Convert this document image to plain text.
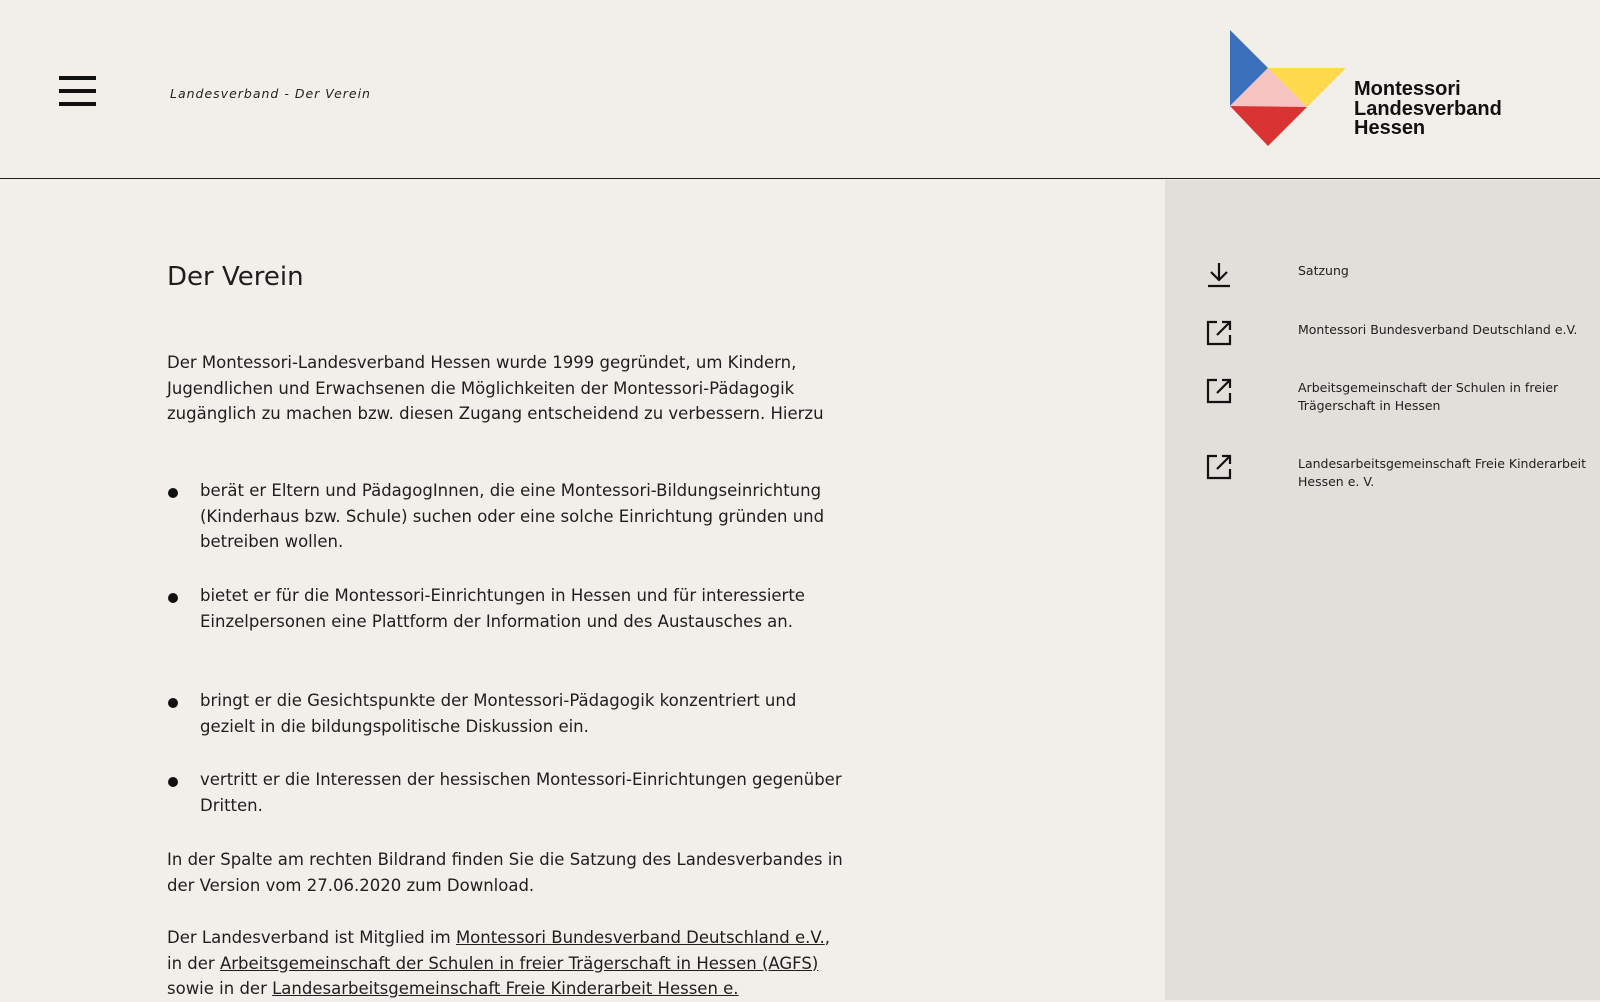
Landesverband - Der Verein	Montessori
Landesverband
Hessen
Der Verein

Der Montessori-Landesverband Hessen wurde 1999 gegründet, um Kindern, Jugendlichen und Erwachsenen die Möglichkeiten der Montessori-Pädagogik zugänglich zu machen bzw. diesen Zugang entscheidend zu verbessern. Hierzu

berät er Eltern und PädagogInnen, die eine Montessori-Bildungseinrichtung (Kinderhaus bzw. Schule) suchen oder eine solche Einrichtung gründen und betreiben wollen.
bietet er für die Montessori-Einrichtungen in Hessen und für interessierte Einzelpersonen eine Plattform der Information und des Austausches an.
bringt er die Gesichtspunkte der Montessori-Pädagogik konzentriert und gezielt in die bildungspolitische Diskussion ein.
vertritt er die Interessen der hessischen Montessori-Einrichtungen gegenüber Dritten.

In der Spalte am rechten Bildrand finden Sie die Satzung des Landesverbandes in der Version vom 27.06.2020 zum Download.

Der Landesverband ist Mitglied im Montessori Bundesverband Deutschland e.V., in der Arbeitsgemeinschaft der Schulen in freier Trägerschaft in Hessen (AGFS) sowie in der Landesarbeitsgemeinschaft Freie Kinderarbeit Hessen e.

Satzung
Montessori Bundesverband Deutschland e.V.
Arbeitsgemeinschaft der Schulen in freier Trägerschaft in Hessen
Landesarbeitsgemeinschaft Freie Kinderarbeit Hessen e. V.
